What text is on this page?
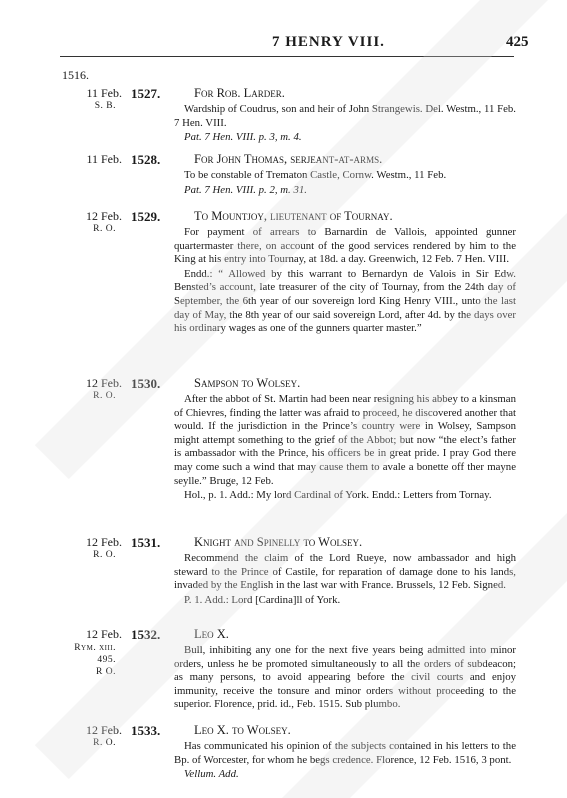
7 HENRY VIII.	425
1516.
11 Feb.
S. B.
1527.	For Rob. Larder.

Wardship of Coudrus, son and heir of John Strangewis. Del. Westm., 11 Feb. 7 Hen. VIII.

Pat. 7 Hen. VIII. p. 3, m. 4.

11 Feb. 1528.	For John Thomas, serjeant-at-arms.

To be constable of Trematon Castle, Cornw. Westm., 11 Feb.

Pat. 7 Hen. VIII. p. 2, m. 31.

12 Feb.
R. O.
1529.	To Mountjoy, lieutenant of Tournay.

For payment of arrears to Barnardin de Vallois, appointed gunner quartermaster there, on account of the good services rendered by him to the King at his entry into Tournay, at 18d. a day. Greenwich, 12 Feb. 7 Hen. VIII.

Endd.: “ Allowed by this warrant to Bernardyn de Valois in Sir Edw. Bensted’s account, late treasurer of the city of Tournay, from the 24th day of September, the 6th year of our sovereign lord King Henry VIII., unto the last day of May, the 8th year of our said sovereign Lord, after 4d. by the days over his ordinary wages as one of the gunners quarter master.”

12 Feb.
R. O.
1530.	Sampson to Wolsey.

After the abbot of St. Martin had been near resigning his abbey to a kinsman of Chievres, finding the latter was afraid to proceed, he discovered another that would. If the jurisdiction in the Prince’s country were in Wolsey, Sampson might attempt something to the grief of the Abbot; but now “the elect’s father is ambassador with the Prince, his officers be in great pride. I pray God there may come such a wind that may cause them to avale a bonette off ther mayne seylle.” Bruge, 12 Feb.

Hol., p. 1. Add.: My lord Cardinal of York. Endd.: Letters from Tornay.

12 Feb.
R. O.
1531.	Knight and Spinelly to Wolsey.

Recommend the claim of the Lord Rueye, now ambassador and high steward to the Prince of Castile, for reparation of damage done to his lands, invaded by the English in the last war with France. Brussels, 12 Feb. Signed.

P. 1. Add.: Lord [Cardina]ll of York.

12 Feb.
Rym. xiii. 495.
R O.
1532.	Leo X.

Bull, inhibiting any one for the next five years being admitted into minor orders, unless he be promoted simultaneously to all the orders of subdeacon; as many persons, to avoid appearing before the civil courts and enjoy immunity, receive the tonsure and minor orders without proceeding to the superior. Florence, prid. id., Feb. 1515. Sub plumbo.

12 Feb.
R. O.
1533.	Leo X. to Wolsey.

Has communicated his opinion of the subjects contained in his letters to the Bp. of Worcester, for whom he begs credence. Florence, 12 Feb. 1516, 3 pont.

Vellum. Add.
